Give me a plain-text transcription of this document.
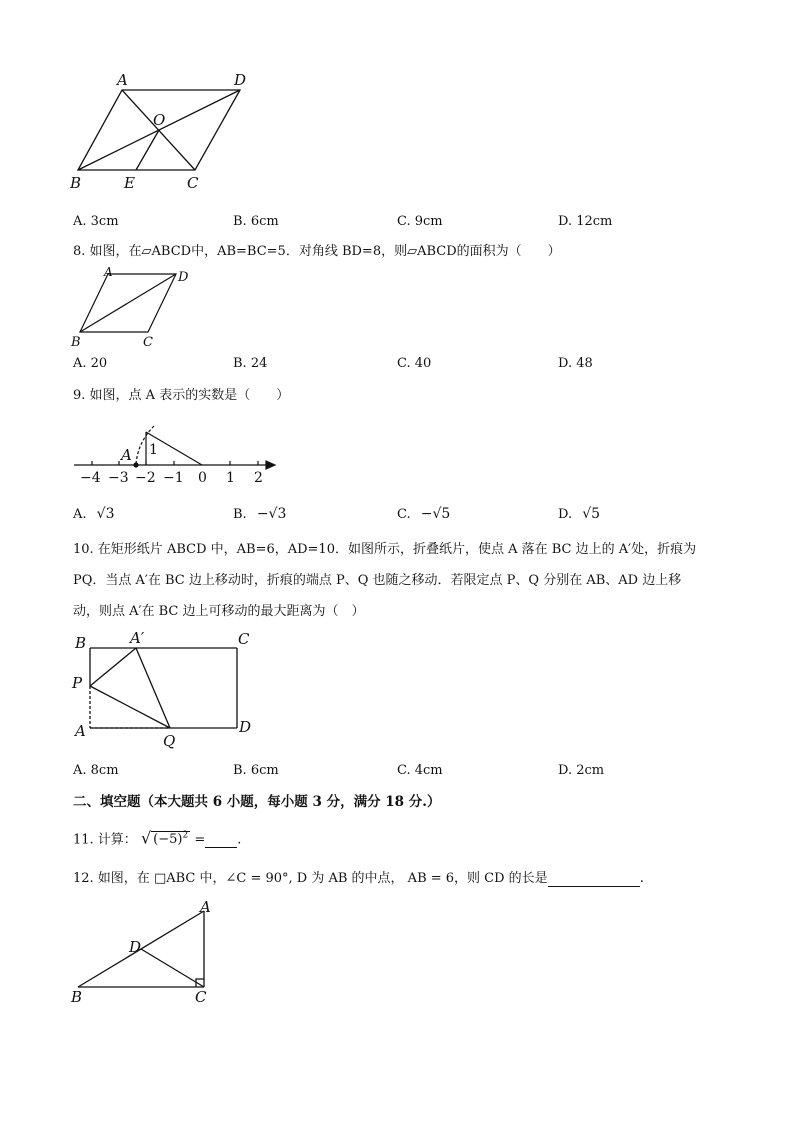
A	D
O
B	E	C
A. 3cm	B. 6cm	C. 9cm	D. 12cm
8. 如图，在▱ABCD中，AB=BC=5．对角线 BD=8，则▱ABCD的面积为（　　）
A	D
B	C
A. 20	B. 24	C. 40	D. 48
9. 如图，点 A 表示的实数是（　　）
A 1
−4 −3 −2 −1 0 1 2
A. √3	B. −√3	C. −√5	D. √5
10. 在矩形纸片 ABCD 中，AB=6，AD=10．如图所示，折叠纸片，使点 A 落在 BC 边上的 A′处，折痕为
PQ．当点 A′在 BC 边上移动时，折痕的端点 P、Q 也随之移动．若限定点 P、Q 分别在 AB、AD 边上移
动，则点 A′在 BC 边上可移动的最大距离为（　）
B	A′	C
P
A
Q
D
A. 8cm	B. 6cm	C. 4cm	D. 2cm
二、填空题（本大题共 6 小题，每小题 3 分，满分 18 分.）
11. 计算： √ $(-5)^2$ = .
12. 如图，在 □ABC 中，∠C = 90°, D 为 AB 的中点， AB = 6，则 CD 的长是	.
A
D
B	C
